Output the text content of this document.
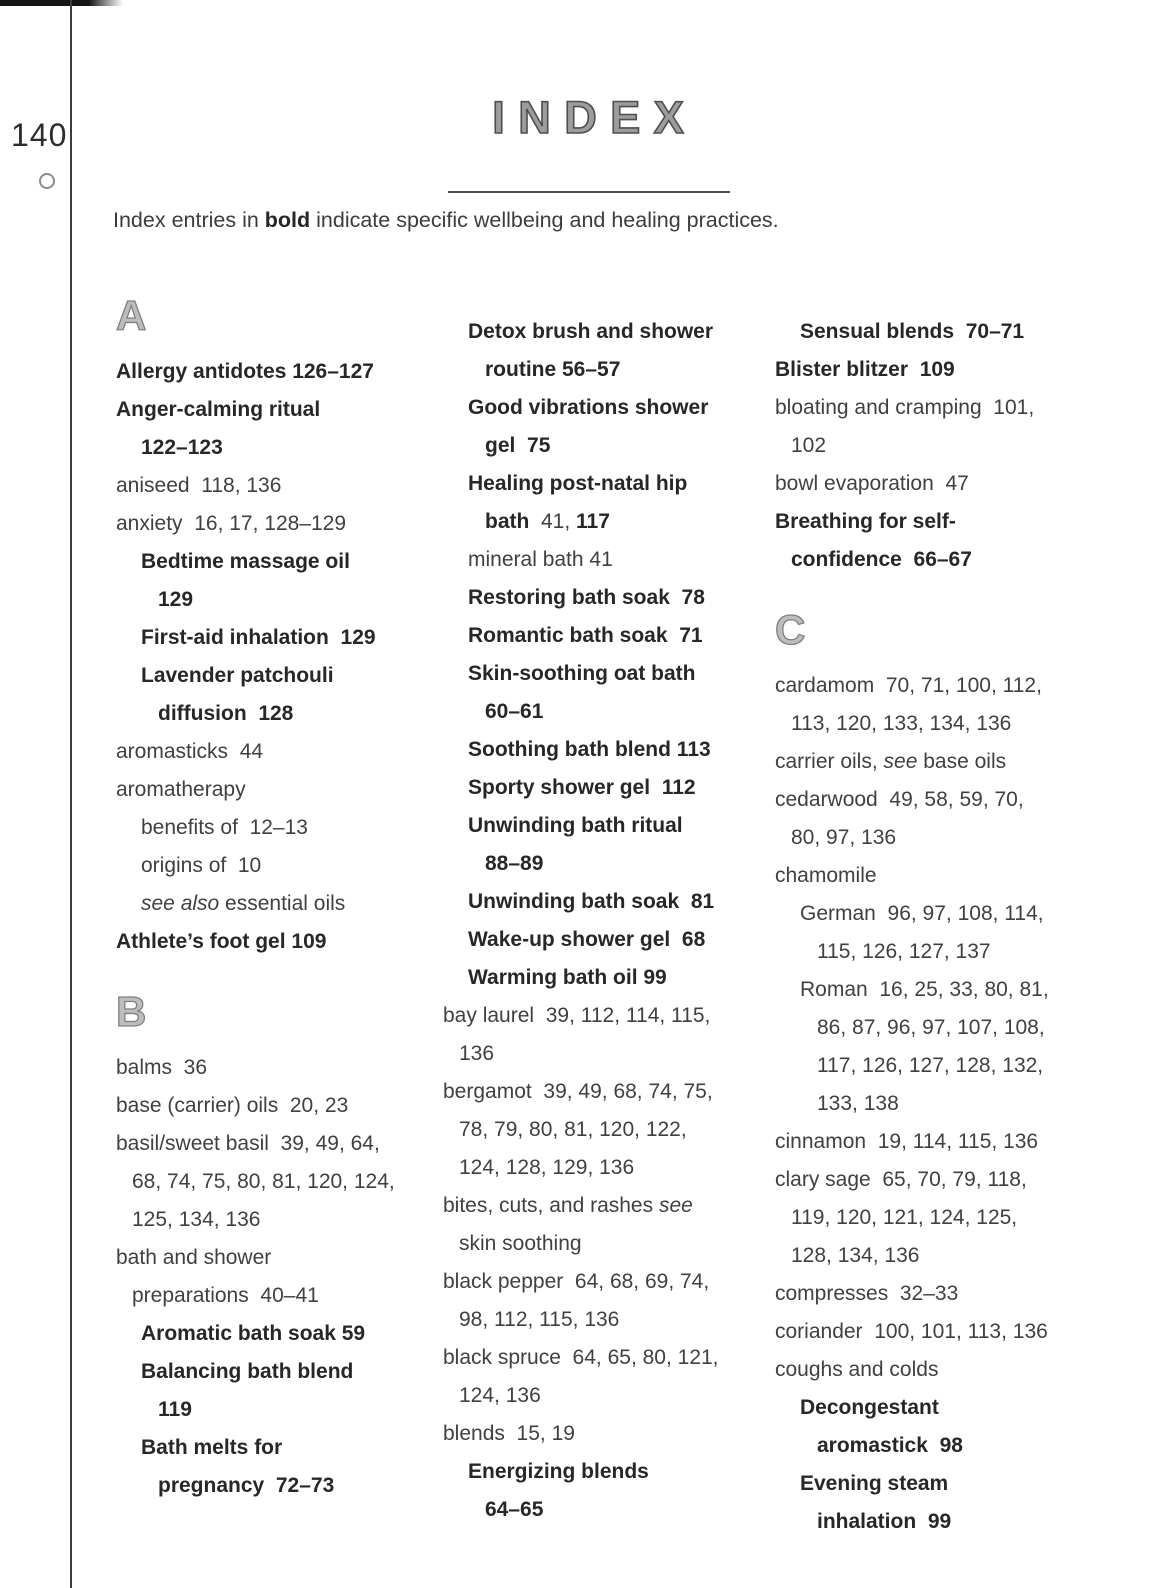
140	INDEX
Index entries in bold indicate specific wellbeing and healing practices.
A
Allergy antidotes 126–127
Anger-calming ritual
122–123
aniseed  118, 136
anxiety  16, 17, 128–129
Bedtime massage oil
129
First-aid inhalation  129
Lavender patchouli
diffusion  128
aromasticks  44
aromatherapy
benefits of  12–13
origins of  10
see also essential oils
Athlete’s foot gel 109
B
balms  36
base (carrier) oils  20, 23
basil/sweet basil  39, 49, 64,
68, 74, 75, 80, 81, 120, 124,
125, 134, 136
bath and shower
preparations  40–41
Aromatic bath soak 59
Balancing bath blend
119
Bath melts for
pregnancy  72–73
Detox brush and shower
routine 56–57
Good vibrations shower
gel  75
Healing post-natal hip
bath  41, 117
mineral bath 41
Restoring bath soak  78
Romantic bath soak  71
Skin-soothing oat bath
60–61
Soothing bath blend 113
Sporty shower gel  112
Unwinding bath ritual
88–89
Unwinding bath soak  81
Wake-up shower gel  68
Warming bath oil 99
bay laurel  39, 112, 114, 115,
136
bergamot  39, 49, 68, 74, 75,
78, 79, 80, 81, 120, 122,
124, 128, 129, 136
bites, cuts, and rashes see
skin soothing
black pepper  64, 68, 69, 74,
98, 112, 115, 136
black spruce  64, 65, 80, 121,
124, 136
blends  15, 19
Energizing blends
64–65
Sensual blends  70–71
Blister blitzer  109
bloating and cramping  101,
102
bowl evaporation  47
Breathing for self-
confidence  66–67
C
cardamom  70, 71, 100, 112,
113, 120, 133, 134, 136
carrier oils, see base oils
cedarwood  49, 58, 59, 70,
80, 97, 136
chamomile
German  96, 97, 108, 114,
115, 126, 127, 137
Roman  16, 25, 33, 80, 81,
86, 87, 96, 97, 107, 108,
117, 126, 127, 128, 132,
133, 138
cinnamon  19, 114, 115, 136
clary sage  65, 70, 79, 118,
119, 120, 121, 124, 125,
128, 134, 136
compresses  32–33
coriander  100, 101, 113, 136
coughs and colds
Decongestant
aromastick  98
Evening steam
inhalation  99
